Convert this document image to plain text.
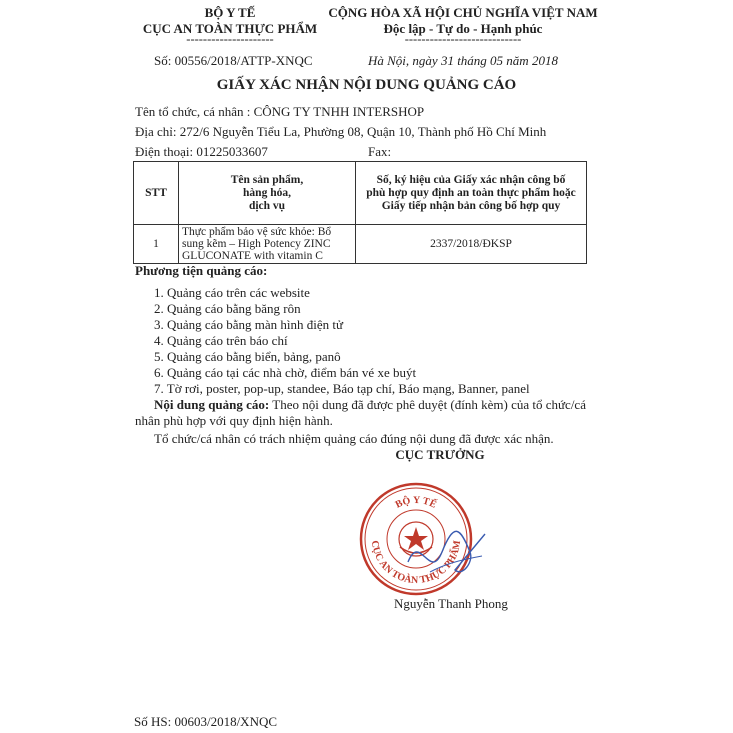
BỘ Y TẾ
CỤC AN TOÀN THỰC PHẨM
---------------------
CỘNG HÒA XÃ HỘI CHỦ NGHĨA VIỆT NAM
Độc lập - Tự do - Hạnh phúc
----------------------------
Số: 00556/2018/ATTP-XNQC	Hà Nội, ngày 31 tháng 05 năm 2018
GIẤY XÁC NHẬN NỘI DUNG QUẢNG CÁO
Tên tổ chức, cá nhân : CÔNG TY TNHH INTERSHOP
Địa chỉ: 272/6 Nguyễn Tiểu La, Phường 08, Quận 10, Thành phố Hồ Chí Minh
Điện thoại: 01225033607	Fax:
STT	Tên sản phẩm,
hàng hóa,
dịch vụ	Số, ký hiệu của Giấy xác nhận công bố
phù hợp quy định an toàn thực phẩm hoặc
Giấy tiếp nhận bản công bố hợp quy
1	Thực phẩm bảo vệ sức khỏe: Bổ sung kẽm – High Potency ZINC GLUCONATE with vitamin C	2337/2018/ĐKSP
Phương tiện quảng cáo:
1. Quảng cáo trên các website
2. Quảng cáo bằng băng rôn
3. Quảng cáo bằng màn hình điện tử
4. Quảng cáo trên báo chí
5. Quảng cáo bằng biển, bảng, panô
6. Quảng cáo tại các nhà chờ, điểm bán vé xe buýt
7. Tờ rơi, poster, pop-up, standee, Báo tạp chí, Báo mạng, Banner, panel
Nội dung quảng cáo: Theo nội dung đã được phê duyệt (đính kèm) của tổ chức/cá
nhân phù hợp với quy định hiện hành.
Tổ chức/cá nhân có trách nhiệm quảng cáo đúng nội dung đã được xác nhận.
CỤC TRƯỞNG
BỘ Y TẾ
CỤC AN TOÀN THỰC PHẨM
Nguyễn Thanh Phong
Số HS: 00603/2018/XNQC
